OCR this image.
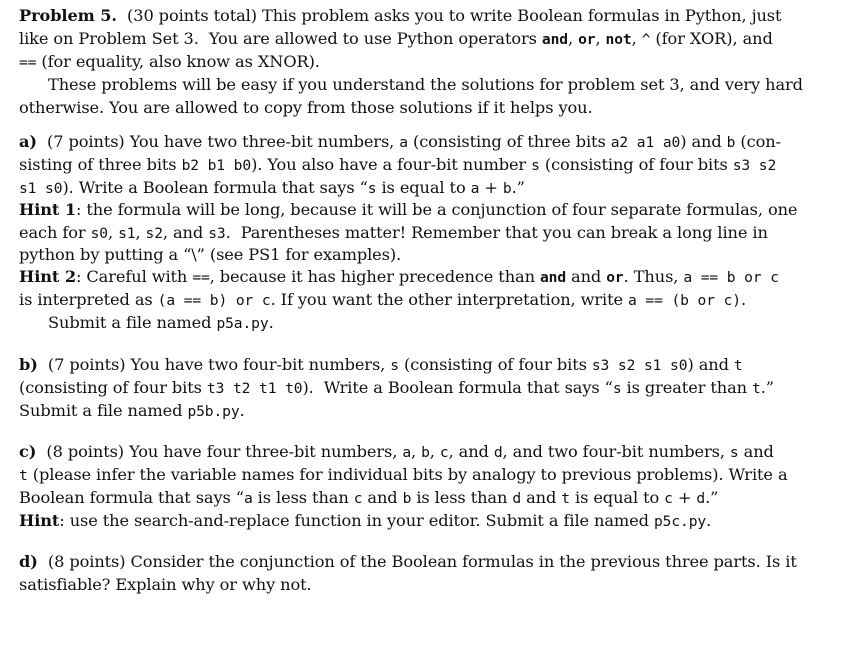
Problem 5.  (30 points total) This problem asks you to write Boolean formulas in Python, just
like on Problem Set 3.  You are allowed to use Python operators and, or, not, ^ (for XOR), and
== (for equality, also know as XNOR).
These problems will be easy if you understand the solutions for problem set 3, and very hard
otherwise. You are allowed to copy from those solutions if it helps you.
a)  (7 points) You have two three-bit numbers, a (consisting of three bits a2 a1 a0) and b (con-
sisting of three bits b2 b1 b0). You also have a four-bit number s (consisting of four bits s3 s2
s1 s0). Write a Boolean formula that says “s is equal to a + b.”
Hint 1: the formula will be long, because it will be a conjunction of four separate formulas, one
each for s0, s1, s2, and s3.  Parentheses matter! Remember that you can break a long line in
python by putting a “\” (see PS1 for examples).
Hint 2: Careful with ==, because it has higher precedence than and and or. Thus, a == b or c
is interpreted as (a == b) or c. If you want the other interpretation, write a == (b or c).
Submit a file named p5a.py.
b)  (7 points) You have two four-bit numbers, s (consisting of four bits s3 s2 s1 s0) and t
(consisting of four bits t3 t2 t1 t0).  Write a Boolean formula that says “s is greater than t.”
Submit a file named p5b.py.
c)  (8 points) You have four three-bit numbers, a, b, c, and d, and two four-bit numbers, s and
t (please infer the variable names for individual bits by analogy to previous problems). Write a
Boolean formula that says “a is less than c and b is less than d and t is equal to c + d.”
Hint: use the search-and-replace function in your editor. Submit a file named p5c.py.
d)  (8 points) Consider the conjunction of the Boolean formulas in the previous three parts. Is it
satisfiable? Explain why or why not.
